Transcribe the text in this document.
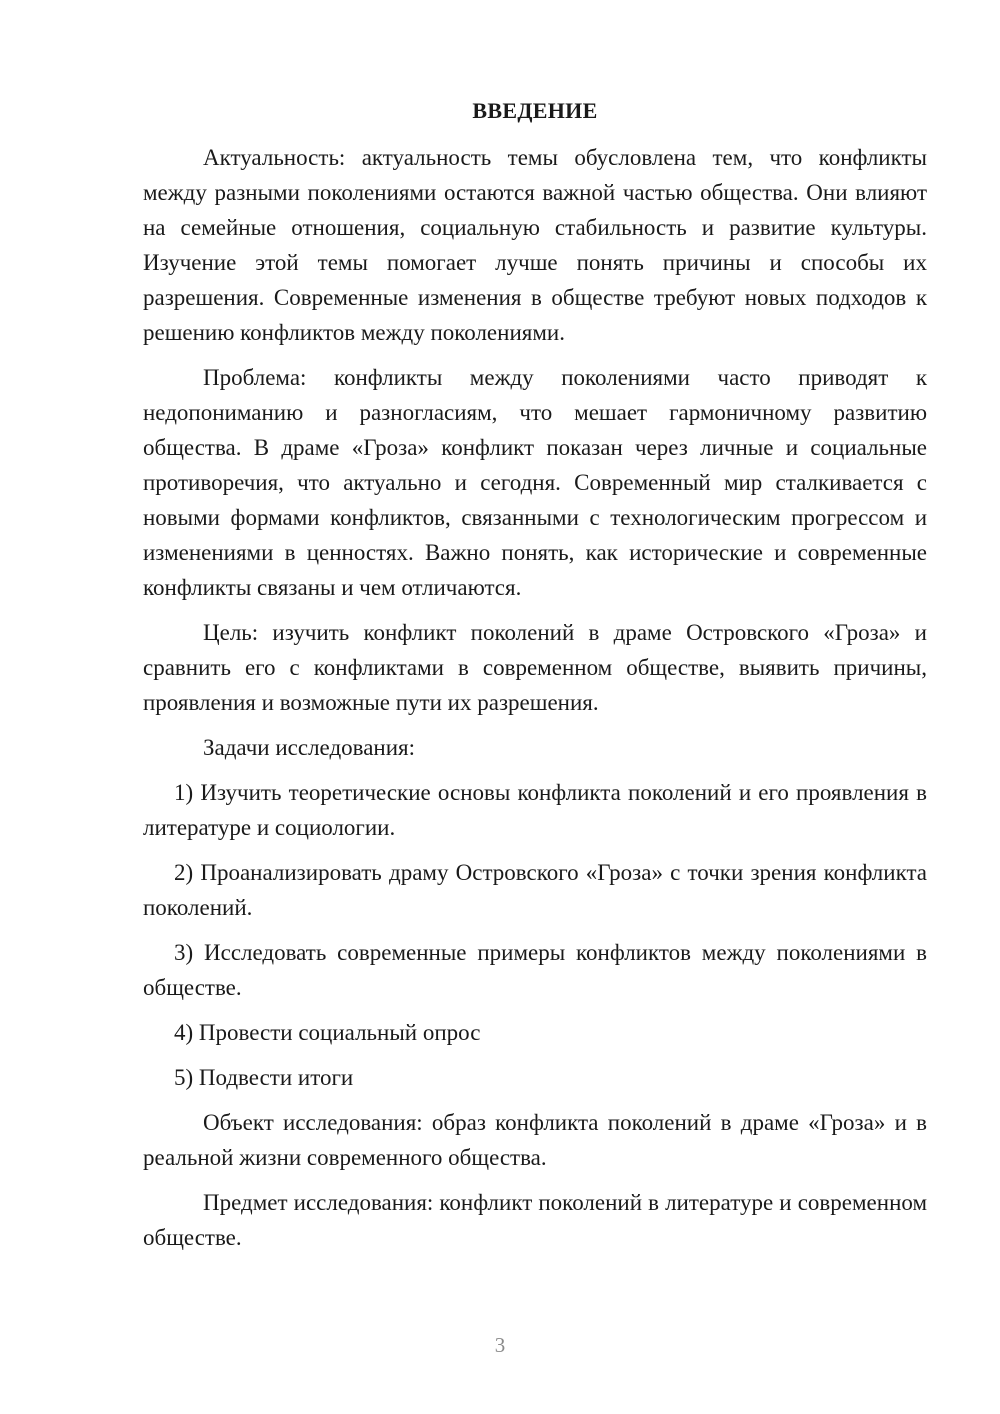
ВВЕДЕНИЕ

Актуальность: актуальность темы обусловлена тем, что конфликты между разными поколениями остаются важной частью общества. Они влияют на семейные отношения, социальную стабильность и развитие культуры. Изучение этой темы помогает лучше понять причины и способы их разрешения. Современные изменения в обществе требуют новых подходов к решению конфликтов между поколениями.

Проблема: конфликты между поколениями часто приводят к недопониманию и разногласиям, что мешает гармоничному развитию общества. В драме «Гроза» конфликт показан через личные и социальные противоречия, что актуально и сегодня. Современный мир сталкивается с новыми формами конфликтов, связанными с технологическим прогрессом и изменениями в ценностях. Важно понять, как исторические и современные конфликты связаны и чем отличаются.

Цель: изучить конфликт поколений в драме Островского «Гроза» и сравнить его с конфликтами в современном обществе, выявить причины, проявления и возможные пути их разрешения.

Задачи исследования:

1) Изучить теоретические основы конфликта поколений и его проявления в литературе и социологии.

2) Проанализировать драму Островского «Гроза» с точки зрения конфликта поколений.

3) Исследовать современные примеры конфликтов между поколениями в обществе.

4) Провести социальный опрос

5) Подвести итоги

Объект исследования: образ конфликта поколений в драме «Гроза» и в реальной жизни современного общества.

Предмет исследования: конфликт поколений в литературе и современном обществе.

3
